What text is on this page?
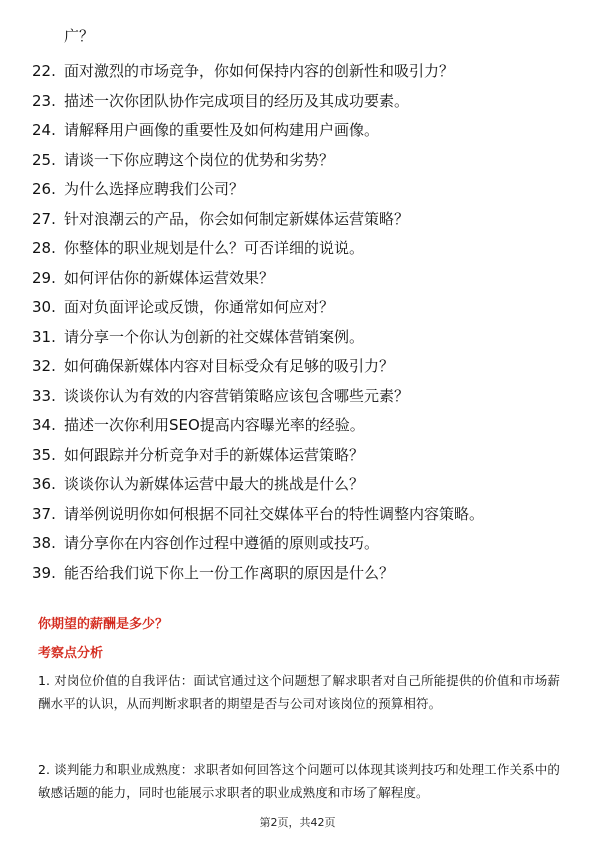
广？
22. 面对激烈的市场竞争，你如何保持内容的创新性和吸引力？
23. 描述一次你团队协作完成项目的经历及其成功要素。
24. 请解释用户画像的重要性及如何构建用户画像。
25. 请谈一下你应聘这个岗位的优势和劣势？
26. 为什么选择应聘我们公司？
27. 针对浪潮云的产品，你会如何制定新媒体运营策略？
28. 你整体的职业规划是什么？可否详细的说说。
29. 如何评估你的新媒体运营效果？
30. 面对负面评论或反馈，你通常如何应对？
31. 请分享一个你认为创新的社交媒体营销案例。
32. 如何确保新媒体内容对目标受众有足够的吸引力？
33. 谈谈你认为有效的内容营销策略应该包含哪些元素？
34. 描述一次你利用SEO提高内容曝光率的经验。
35. 如何跟踪并分析竞争对手的新媒体运营策略？
36. 谈谈你认为新媒体运营中最大的挑战是什么？
37. 请举例说明你如何根据不同社交媒体平台的特性调整内容策略。
38. 请分享你在内容创作过程中遵循的原则或技巧。
39. 能否给我们说下你上一份工作离职的原因是什么？
你期望的薪酬是多少？
考察点分析
1. 对岗位价值的自我评估：面试官通过这个问题想了解求职者对自己所能提供的价值和市场薪酬水平的认识，从而判断求职者的期望是否与公司对该岗位的预算相符。
2. 谈判能力和职业成熟度：求职者如何回答这个问题可以体现其谈判技巧和处理工作关系中的敏感话题的能力，同时也能展示求职者的职业成熟度和市场了解程度。
第2页，共42页
